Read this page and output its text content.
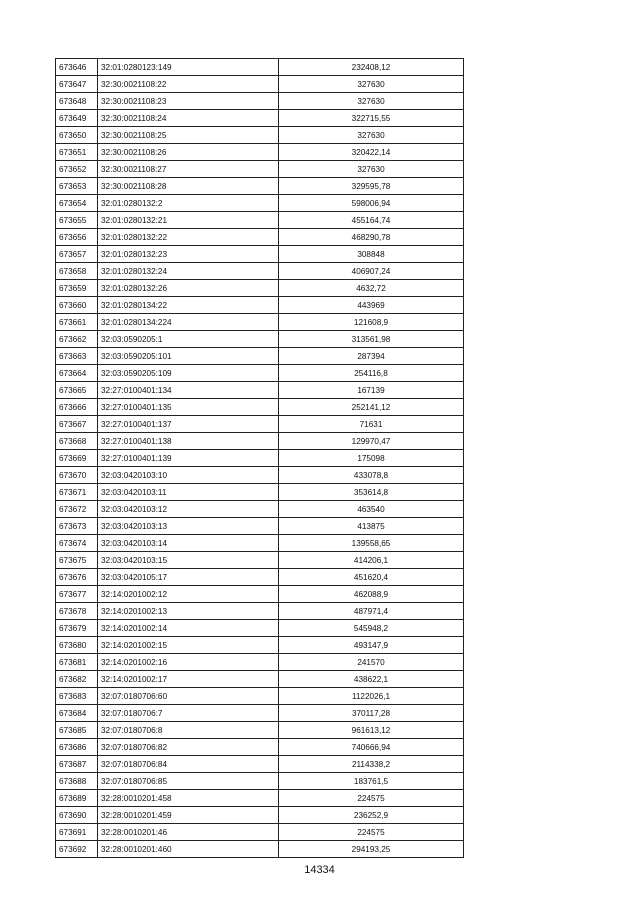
673646	32:01:0280123:149	232408,12
673647	32:30:0021108:22	327630
673648	32:30:0021108:23	327630
673649	32:30:0021108:24	322715,55
673650	32:30:0021108:25	327630
673651	32:30:0021108:26	320422,14
673652	32:30:0021108:27	327630
673653	32:30:0021108:28	329595,78
673654	32:01:0280132:2	598006,94
673655	32:01:0280132:21	455164,74
673656	32:01:0280132:22	468290,78
673657	32:01:0280132:23	308848
673658	32:01:0280132:24	406907,24
673659	32:01:0280132:26	4632,72
673660	32:01:0280134:22	443969
673661	32:01:0280134:224	121608,9
673662	32:03:0590205:1	313561,98
673663	32:03:0590205:101	287394
673664	32:03:0590205:109	254116,8
673665	32:27:0100401:134	167139
673666	32:27:0100401:135	252141,12
673667	32:27:0100401:137	71631
673668	32:27:0100401:138	129970,47
673669	32:27:0100401:139	175098
673670	32:03:0420103:10	433078,8
673671	32:03:0420103:11	353614,8
673672	32:03:0420103:12	463540
673673	32:03:0420103:13	413875
673674	32:03:0420103:14	139558,65
673675	32:03:0420103:15	414206,1
673676	32:03:0420105:17	451620,4
673677	32:14:0201002:12	462088,9
673678	32:14:0201002:13	487971,4
673679	32:14:0201002:14	545948,2
673680	32:14:0201002:15	493147,9
673681	32:14:0201002:16	241570
673682	32:14:0201002:17	438622,1
673683	32:07:0180706:60	1122026,1
673684	32:07:0180706:7	370117,28
673685	32:07:0180706:8	961613,12
673686	32:07:0180706:82	740666,94
673687	32:07:0180706:84	2114338,2
673688	32:07:0180706:85	183761,5
673689	32:28:0010201:458	224575
673690	32:28:0010201:459	236252,9
673691	32:28:0010201:46	224575
673692	32:28:0010201:460	294193,25
14334
